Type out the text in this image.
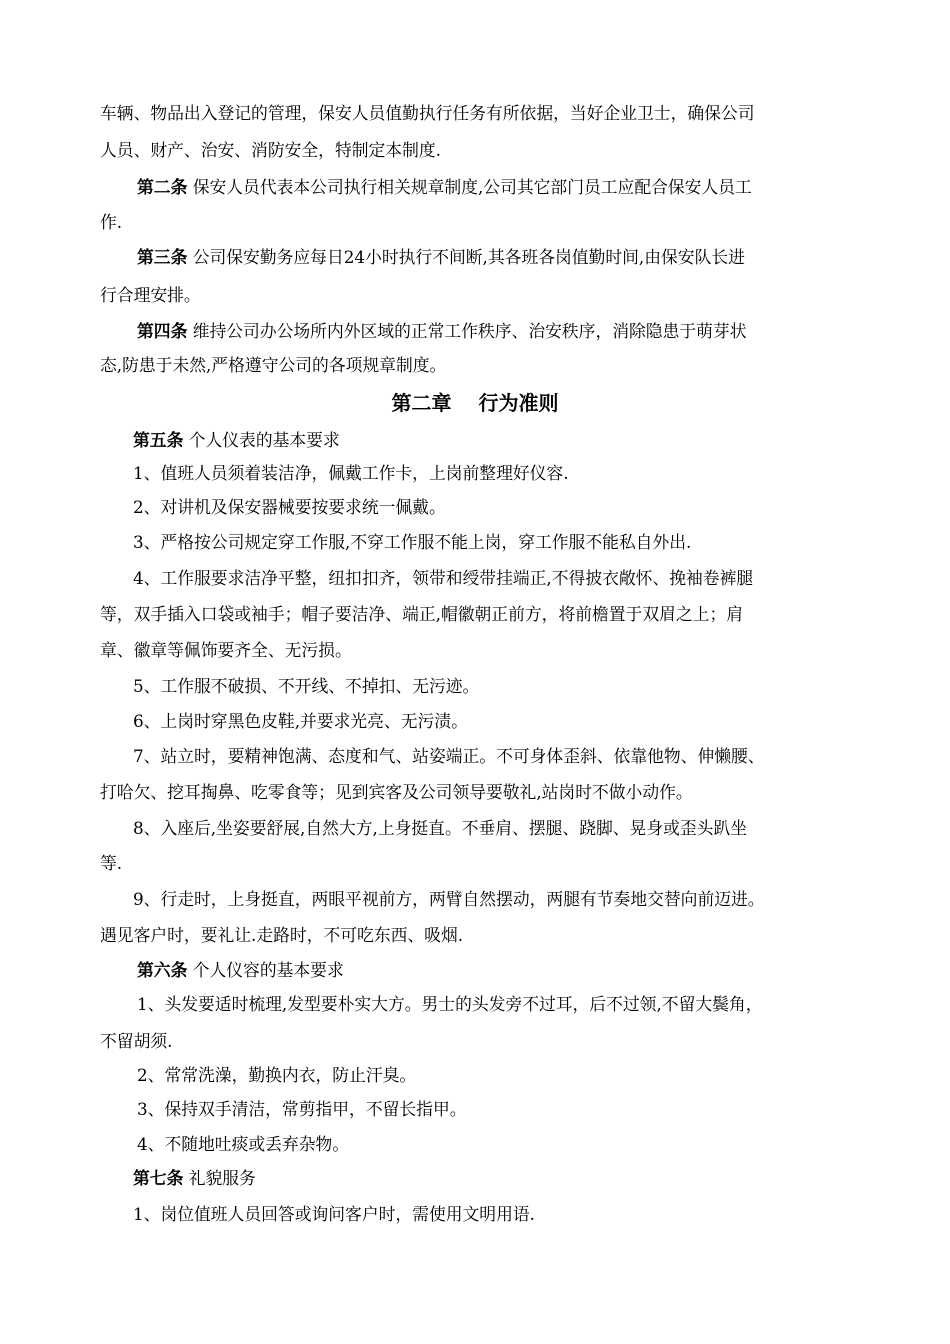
车辆、物品出入登记的管理，保安人员值勤执行任务有所依据，当好企业卫士，确保公司
人员、财产、治安、消防安全，特制定本制度.
第二条 保安人员代表本公司执行相关规章制度,公司其它部门员工应配合保安人员工
作.
第三条 公司保安勤务应每日24小时执行不间断,其各班各岗值勤时间,由保安队长进
行合理安排。
第四条 维持公司办公场所内外区域的正常工作秩序、治安秩序，消除隐患于萌芽状
态,防患于未然,严格遵守公司的各项规章制度。
第二章　 行为准则
第五条 个人仪表的基本要求
1、值班人员须着装洁净，佩戴工作卡，上岗前整理好仪容.
2、对讲机及保安器械要按要求统一佩戴。
3、严格按公司规定穿工作服,不穿工作服不能上岗，穿工作服不能私自外出.
4、工作服要求洁净平整，纽扣扣齐，领带和绶带挂端正,不得披衣敞怀、挽袖卷裤腿
等，双手插入口袋或袖手；帽子要洁净、端正,帽徽朝正前方，将前檐置于双眉之上；肩
章、徽章等佩饰要齐全、无污损。
5、工作服不破损、不开线、不掉扣、无污迹。
6、上岗时穿黑色皮鞋,并要求光亮、无污渍。
7、站立时，要精神饱满、态度和气、站姿端正。不可身体歪斜、依靠他物、伸懒腰、
打哈欠、挖耳掏鼻、吃零食等；见到宾客及公司领导要敬礼,站岗时不做小动作。
8、入座后,坐姿要舒展,自然大方,上身挺直。不垂肩、摆腿、跷脚、晃身或歪头趴坐
等.
9、行走时，上身挺直，两眼平视前方，两臂自然摆动，两腿有节奏地交替向前迈进。
遇见客户时，要礼让.走路时，不可吃东西、吸烟.
第六条 个人仪容的基本要求
1、头发要适时梳理,发型要朴实大方。男士的头发旁不过耳，后不过领,不留大鬓角，
不留胡须.
2、常常洗澡，勤换内衣，防止汗臭。
3、保持双手清洁，常剪指甲，不留长指甲。
4、不随地吐痰或丢弃杂物。
第七条 礼貌服务
1、岗位值班人员回答或询问客户时，需使用文明用语.
